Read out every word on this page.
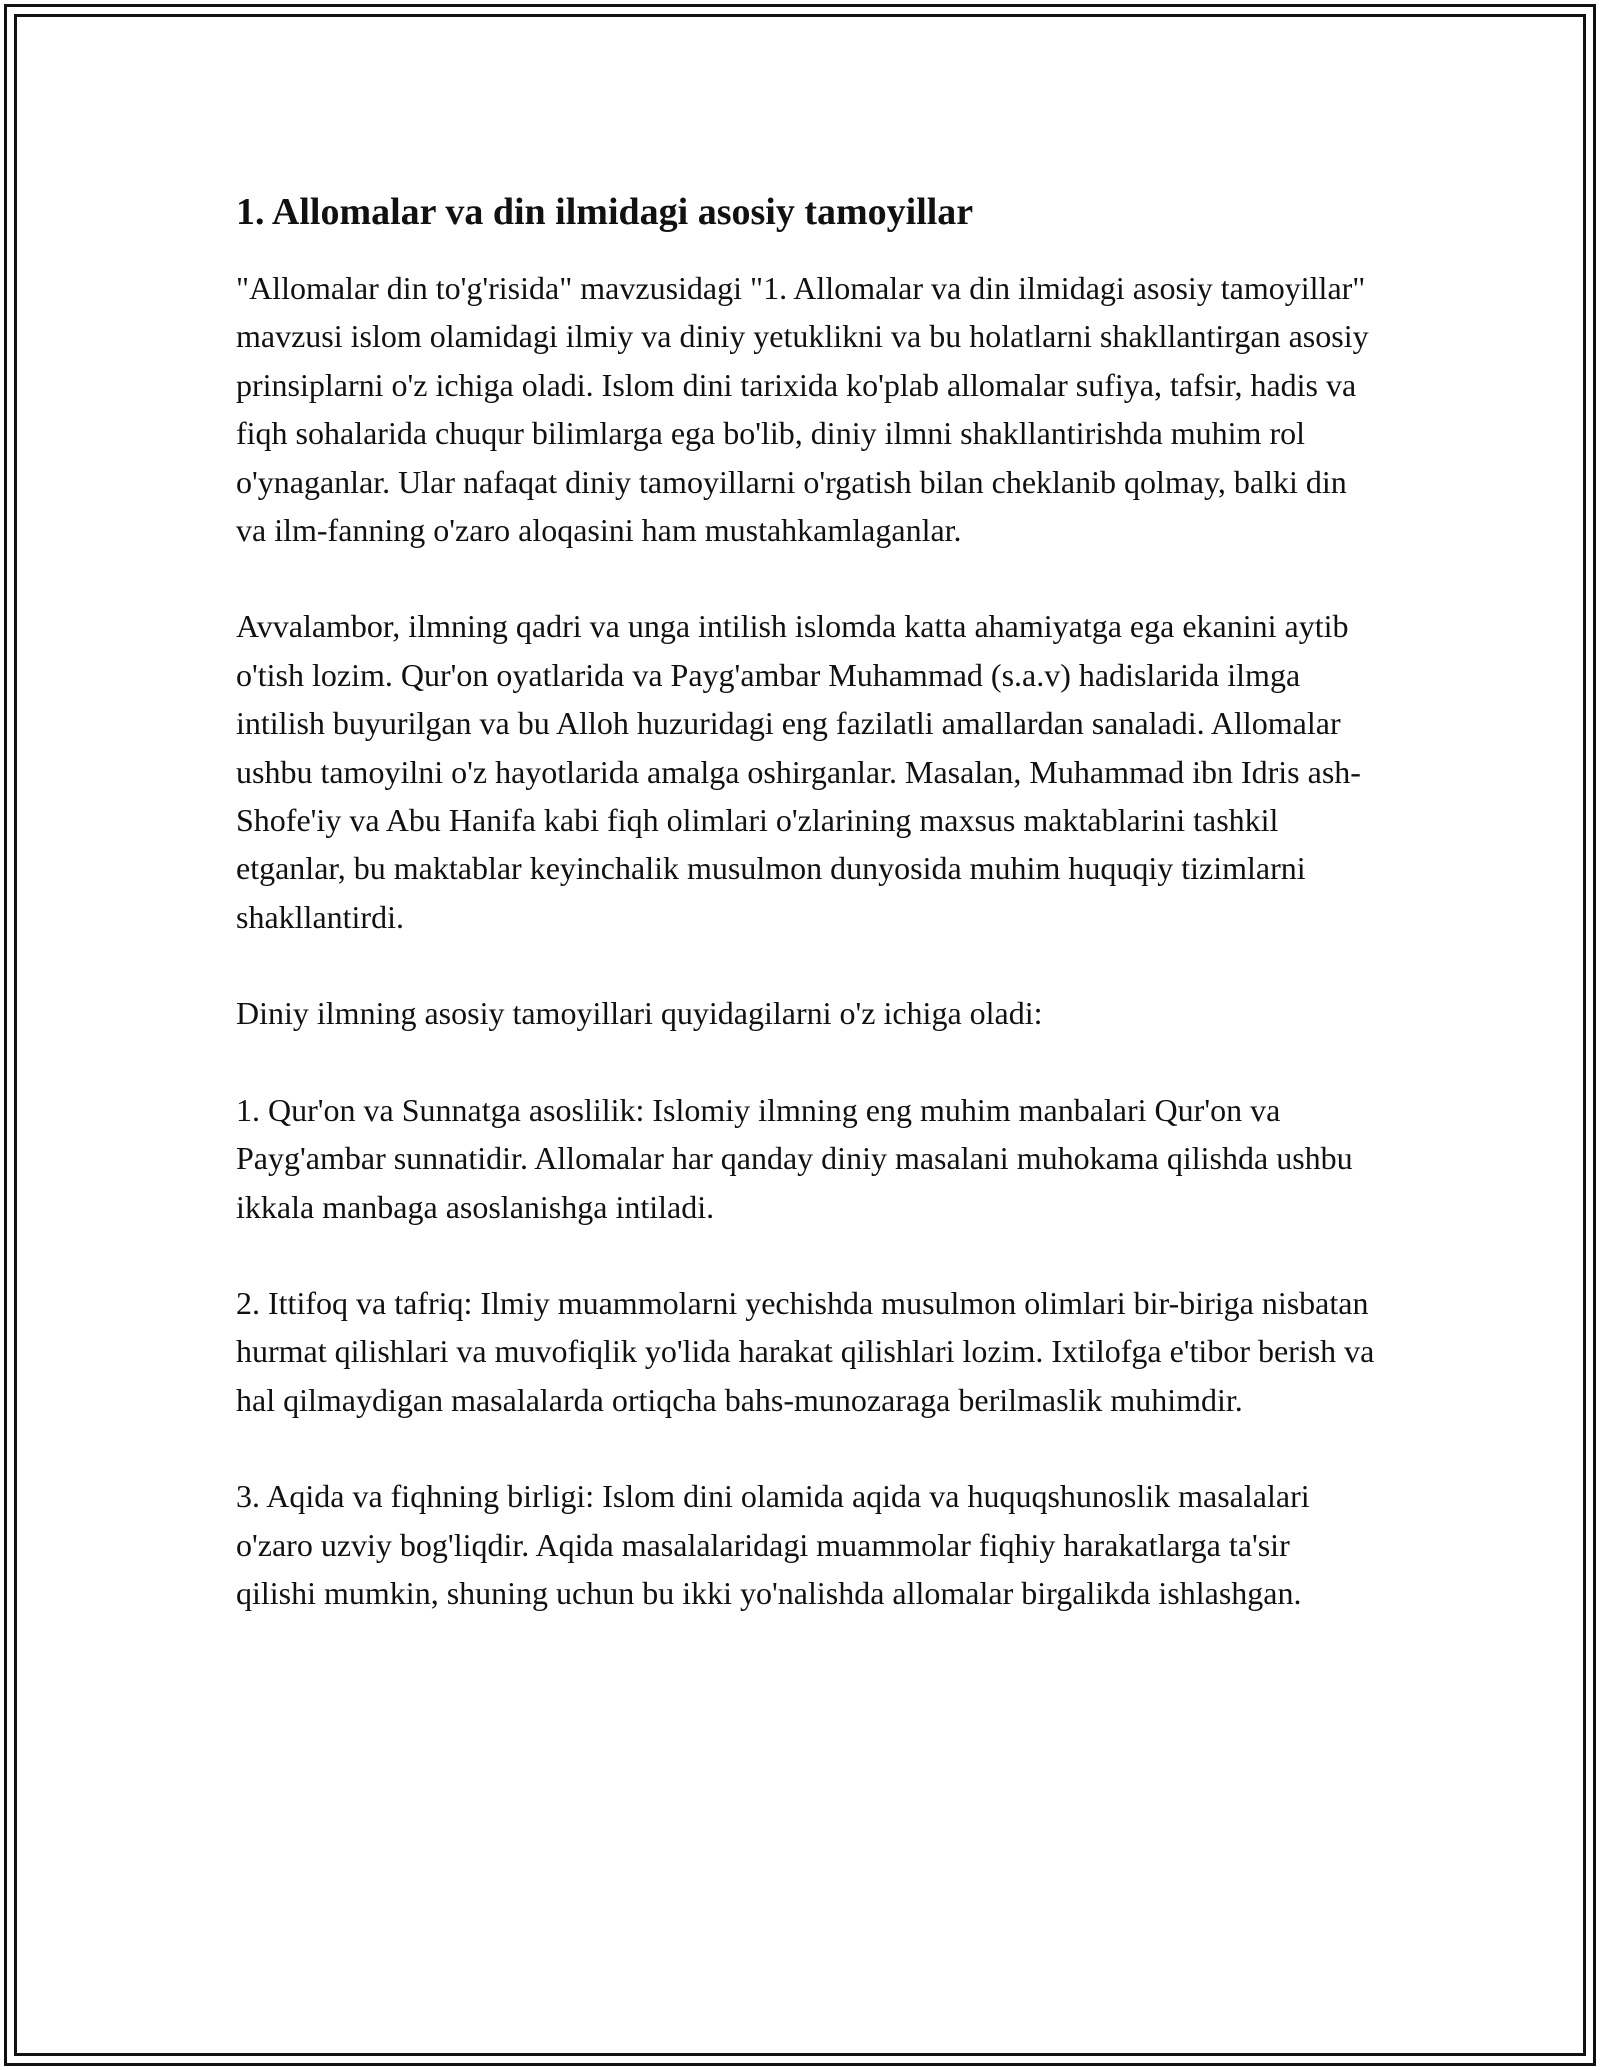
1. Allomalar va din ilmidagi asosiy tamoyillar

"Allomalar din to'g'risida" mavzusidagi "1. Allomalar va din ilmidagi asosiy tamoyillar" mavzusi islom olamidagi ilmiy va diniy yetuklikni va bu holatlarni shakllantirgan asosiy prinsiplarni o'z ichiga oladi. Islom dini tarixida ko'plab allomalar sufiya, tafsir, hadis va fiqh sohalarida chuqur bilimlarga ega bo'lib, diniy ilmni shakllantirishda muhim rol o'ynaganlar. Ular nafaqat diniy tamoyillarni o'rgatish bilan cheklanib qolmay, balki din va ilm-fanning o'zaro aloqasini ham mustahkamlaganlar.

Avvalambor, ilmning qadri va unga intilish islomda katta ahamiyatga ega ekanini aytib o'tish lozim. Qur'on oyatlarida va Payg'ambar Muhammad (s.a.v) hadislarida ilmga intilish buyurilgan va bu Alloh huzuridagi eng fazilatli amallardan sanaladi. Allomalar ushbu tamoyilni o'z hayotlarida amalga oshirganlar. Masalan, Muhammad ibn Idris ash-Shofe'iy va Abu Hanifa kabi fiqh olimlari o'zlarining maxsus maktablarini tashkil etganlar, bu maktablar keyinchalik musulmon dunyosida muhim huquqiy tizimlarni shakllantirdi.

Diniy ilmning asosiy tamoyillari quyidagilarni o'z ichiga oladi:

1. Qur'on va Sunnatga asoslilik: Islomiy ilmning eng muhim manbalari Qur'on va Payg'ambar sunnatidir. Allomalar har qanday diniy masalani muhokama qilishda ushbu ikkala manbaga asoslanishga intiladi.

2. Ittifoq va tafriq: Ilmiy muammolarni yechishda musulmon olimlari bir-biriga nisbatan hurmat qilishlari va muvofiqlik yo'lida harakat qilishlari lozim. Ixtilofga e'tibor berish va hal qilmaydigan masalalarda ortiqcha bahs-munozaraga berilmaslik muhimdir.

3. Aqida va fiqhning birligi: Islom dini olamida aqida va huquqshunoslik masalalari o'zaro uzviy bog'liqdir. Aqida masalalaridagi muammolar fiqhiy harakatlarga ta'sir qilishi mumkin, shuning uchun bu ikki yo'nalishda allomalar birgalikda ishlashgan.
